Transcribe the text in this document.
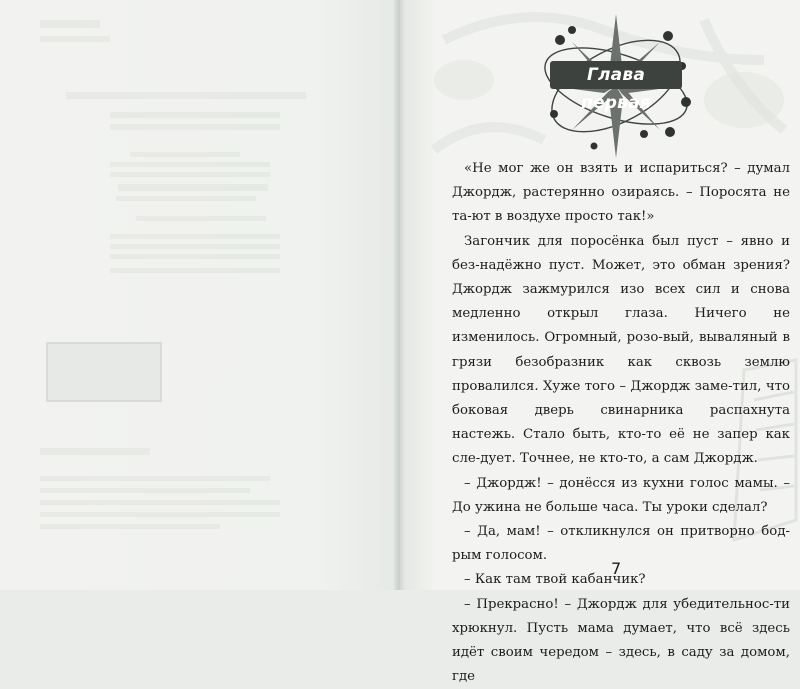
Глава первая

«Не мог же он взять и испариться? – думал Джордж, растерянно озираясь. – Поросята не та-ют в воздухе просто так!»

Загончик для поросёнка был пуст – явно и без-надёжно пуст. Может, это обман зрения? Джордж зажмурился изо всех сил и снова медленно открыл глаза. Ничего не изменилось. Огромный, розо-вый, вываляный в грязи безобразник как сквозь землю провалился. Хуже того – Джордж заме-тил, что боковая дверь свинарника распахнута настежь. Стало быть, кто-то её не запер как сле-дует. Точнее, не кто-то, а сам Джордж.

– Джордж! – донёсся из кухни голос мамы. – До ужина не больше часа. Ты уроки сделал?

– Да, мам! – откликнулся он притворно бод-рым голосом.

– Как там твой кабанчик?

– Прекрасно! – Джордж для убедительнос-ти хрюкнул. Пусть мама думает, что всё здесь идёт своим чередом – здесь, в саду за домом, где

7
